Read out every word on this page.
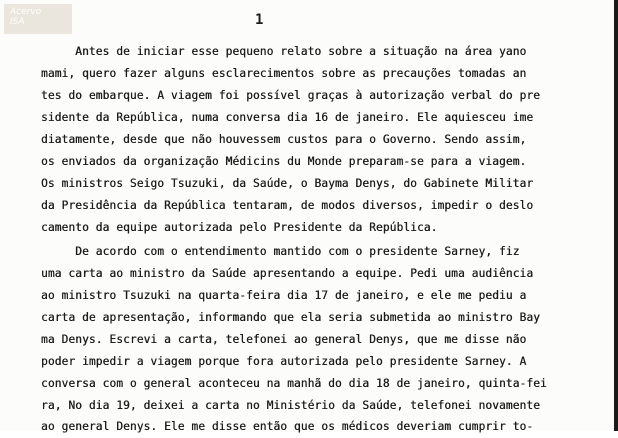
Acervo
ISA	1
Antes de iniciar esse pequeno relato sobre a situação na área yano
mami, quero fazer alguns esclarecimentos sobre as precauções tomadas an
tes do embarque. A viagem foi possível graças à autorização verbal do pre
sidente da República, numa conversa dia 16 de janeiro. Ele aquiesceu ime
diatamente, desde que não houvessem custos para o Governo. Sendo assim,
os enviados da organização Médicins du Monde preparam-se para a viagem.
Os ministros Seigo Tsuzuki, da Saúde, o Bayma Denys, do Gabinete Militar
da Presidência da República tentaram, de modos diversos, impedir o deslo
camento da equipe autorizada pelo Presidente da República.
De acordo com o entendimento mantido com o presidente Sarney, fiz
uma carta ao ministro da Saúde apresentando a equipe. Pedi uma audiência
ao ministro Tsuzuki na quarta-feira dia 17 de janeiro, e ele me pediu a
carta de apresentação, informando que ela seria submetida ao ministro Bay
ma Denys. Escrevi a carta, telefonei ao general Denys, que me disse não
poder impedir a viagem porque fora autorizada pelo presidente Sarney. A
conversa com o general aconteceu na manhã do dia 18 de janeiro, quinta-fei
ra, No dia 19, deixei a carta no Ministério da Saúde, telefonei novamente
ao general Denys. Ele me disse então que os médicos deveriam cumprir to-
